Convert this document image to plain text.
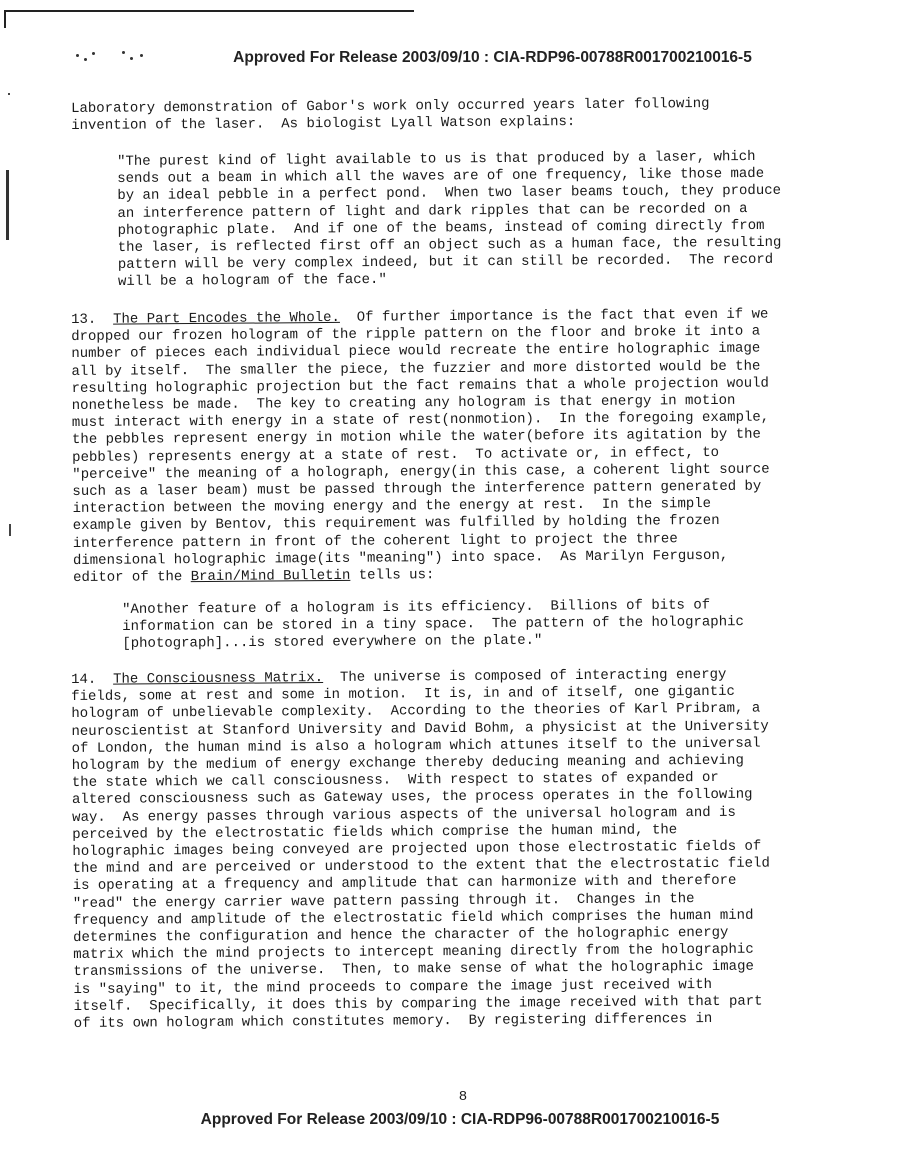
Approved For Release 2003/09/10 : CIA-RDP96-00788R001700210016-5
Laboratory demonstration of Gabor's work only occurred years later following
invention of the laser.  As biologist Lyall Watson explains:
"The purest kind of light available to us is that produced by a laser, which
sends out a beam in which all the waves are of one frequency, like those made
by an ideal pebble in a perfect pond.  When two laser beams touch, they produce
an interference pattern of light and dark ripples that can be recorded on a
photographic plate.  And if one of the beams, instead of coming directly from
the laser, is reflected first off an object such as a human face, the resulting
pattern will be very complex indeed, but it can still be recorded.  The record
will be a hologram of the face."
13.  The Part Encodes the Whole.  Of further importance is the fact that even if we
dropped our frozen hologram of the ripple pattern on the floor and broke it into a
number of pieces each individual piece would recreate the entire holographic image
all by itself.  The smaller the piece, the fuzzier and more distorted would be the
resulting holographic projection but the fact remains that a whole projection would
nonetheless be made.  The key to creating any hologram is that energy in motion
must interact with energy in a state of rest(nonmotion).  In the foregoing example,
the pebbles represent energy in motion while the water(before its agitation by the
pebbles) represents energy at a state of rest.  To activate or, in effect, to
"perceive" the meaning of a holograph, energy(in this case, a coherent light source
such as a laser beam) must be passed through the interference pattern generated by
interaction between the moving energy and the energy at rest.  In the simple
example given by Bentov, this requirement was fulfilled by holding the frozen
interference pattern in front of the coherent light to project the three
dimensional holographic image(its "meaning") into space.  As Marilyn Ferguson,
editor of the Brain/Mind Bulletin tells us:
"Another feature of a hologram is its efficiency.  Billions of bits of
information can be stored in a tiny space.  The pattern of the holographic
[photograph]...is stored everywhere on the plate."
14.  The Consciousness Matrix.  The universe is composed of interacting energy
fields, some at rest and some in motion.  It is, in and of itself, one gigantic
hologram of unbelievable complexity.  According to the theories of Karl Pribram, a
neuroscientist at Stanford University and David Bohm, a physicist at the University
of London, the human mind is also a hologram which attunes itself to the universal
hologram by the medium of energy exchange thereby deducing meaning and achieving
the state which we call consciousness.  With respect to states of expanded or
altered consciousness such as Gateway uses, the process operates in the following
way.  As energy passes through various aspects of the universal hologram and is
perceived by the electrostatic fields which comprise the human mind, the
holographic images being conveyed are projected upon those electrostatic fields of
the mind and are perceived or understood to the extent that the electrostatic field
is operating at a frequency and amplitude that can harmonize with and therefore
"read" the energy carrier wave pattern passing through it.  Changes in the
frequency and amplitude of the electrostatic field which comprises the human mind
determines the configuration and hence the character of the holographic energy
matrix which the mind projects to intercept meaning directly from the holographic
transmissions of the universe.  Then, to make sense of what the holographic image
is "saying" to it, the mind proceeds to compare the image just received with
itself.  Specifically, it does this by comparing the image received with that part
of its own hologram which constitutes memory.  By registering differences in
8
Approved For Release 2003/09/10 : CIA-RDP96-00788R001700210016-5
